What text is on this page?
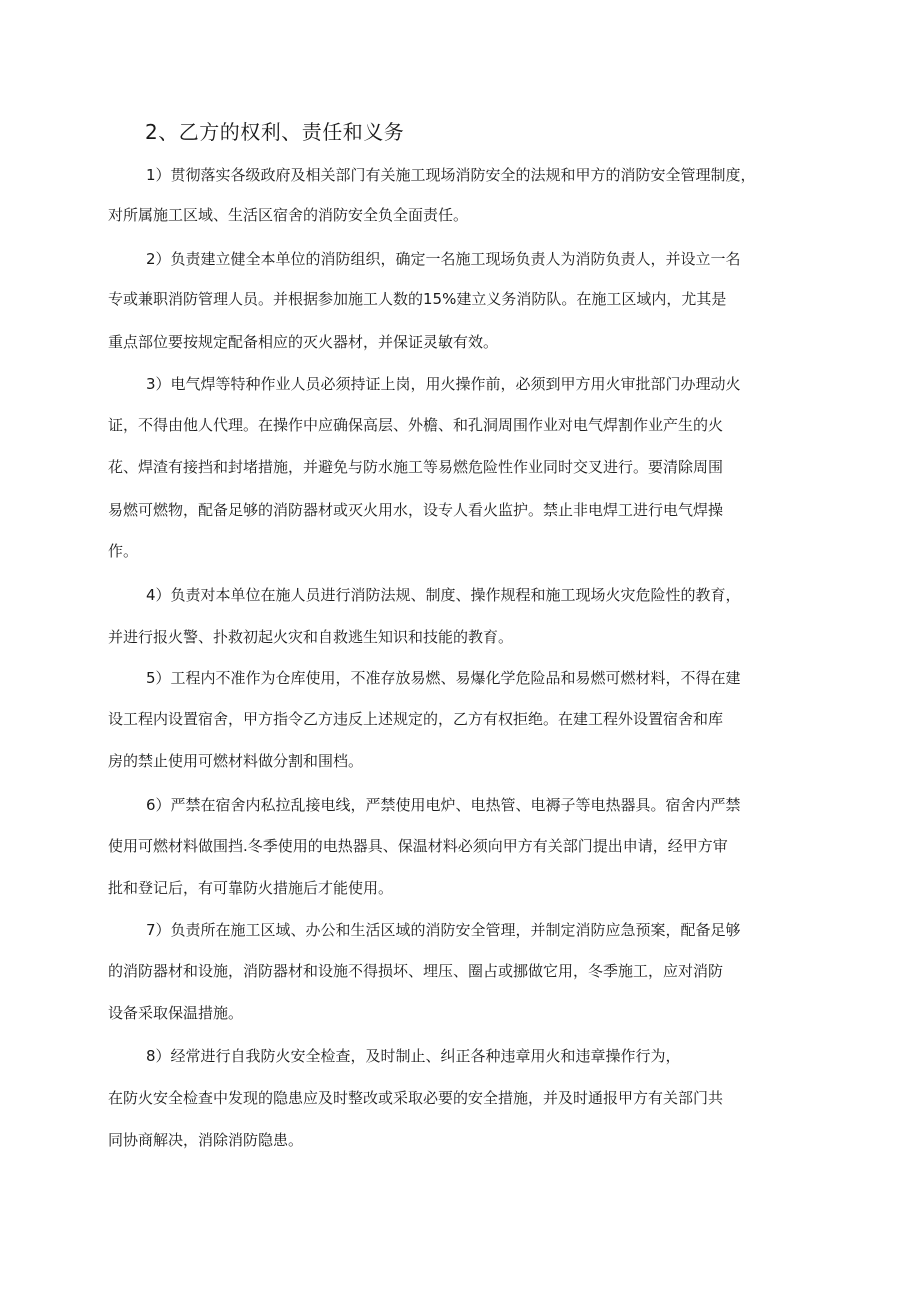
2、乙方的权利、责任和义务
1）贯彻落实各级政府及相关部门有关施工现场消防安全的法规和甲方的消防安全管理制度，
对所属施工区域、生活区宿舍的消防安全负全面责任。
2）负责建立健全本单位的消防组织，确定一名施工现场负责人为消防负责人，并设立一名
专或兼职消防管理人员。并根据参加施工人数的15%建立义务消防队。在施工区域内，尤其是
重点部位要按规定配备相应的灭火器材，并保证灵敏有效。
3）电气焊等特种作业人员必须持证上岗，用火操作前，必须到甲方用火审批部门办理动火
证，不得由他人代理。在操作中应确保高层、外檐、和孔洞周围作业对电气焊割作业产生的火
花、焊渣有接挡和封堵措施，并避免与防水施工等易燃危险性作业同时交叉进行。要清除周围
易燃可燃物，配备足够的消防器材或灭火用水，设专人看火监护。禁止非电焊工进行电气焊操
作。
4）负责对本单位在施人员进行消防法规、制度、操作规程和施工现场火灾危险性的教育，
并进行报火警、扑救初起火灾和自救逃生知识和技能的教育。
5）工程内不准作为仓库使用，不准存放易燃、易爆化学危险品和易燃可燃材料，不得在建
设工程内设置宿舍，甲方指令乙方违反上述规定的，乙方有权拒绝。在建工程外设置宿舍和库
房的禁止使用可燃材料做分割和围档。
6）严禁在宿舍内私拉乱接电线，严禁使用电炉、电热管、电褥子等电热器具。宿舍内严禁
使用可燃材料做围挡.冬季使用的电热器具、保温材料必须向甲方有关部门提出申请，经甲方审
批和登记后，有可靠防火措施后才能使用。
7）负责所在施工区域、办公和生活区域的消防安全管理，并制定消防应急预案，配备足够
的消防器材和设施，消防器材和设施不得损坏、埋压、圈占或挪做它用，冬季施工，应对消防
设备采取保温措施。
8）经常进行自我防火安全检查，及时制止、纠正各种违章用火和违章操作行为，
在防火安全检查中发现的隐患应及时整改或采取必要的安全措施，并及时通报甲方有关部门共
同协商解决，消除消防隐患。
